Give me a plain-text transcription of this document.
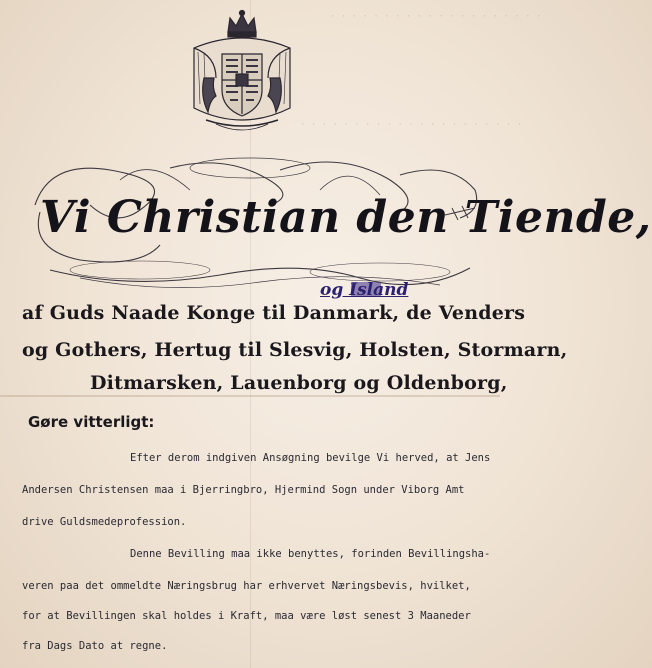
· · · · · · · · · · · · · · · · · · · ·

· · · · · · · · · · · · · · · · · · · · ·

Vi Christian den Tiende,

og Island

af Guds Naade Konge til Danmark, de Venders

og Gothers, Hertug til Slesvig, Holsten, Stormarn,

Ditmarsken, Lauenborg og Oldenborg,

Gøre vitterligt:

Efter derom indgiven Ansøgning bevilge Vi herved, at Jens

Andersen Christensen maa i Bjerringbro, Hjermind Sogn under Viborg Amt

drive Guldsmedeprofession.

Denne Bevilling maa ikke benyttes, forinden Bevillingsha-

veren paa det ommeldte Næringsbrug har erhvervet Næringsbevis, hvilket,

for at Bevillingen skal holdes i Kraft, maa være løst senest 3 Maaneder

fra Dags Dato at regne.
